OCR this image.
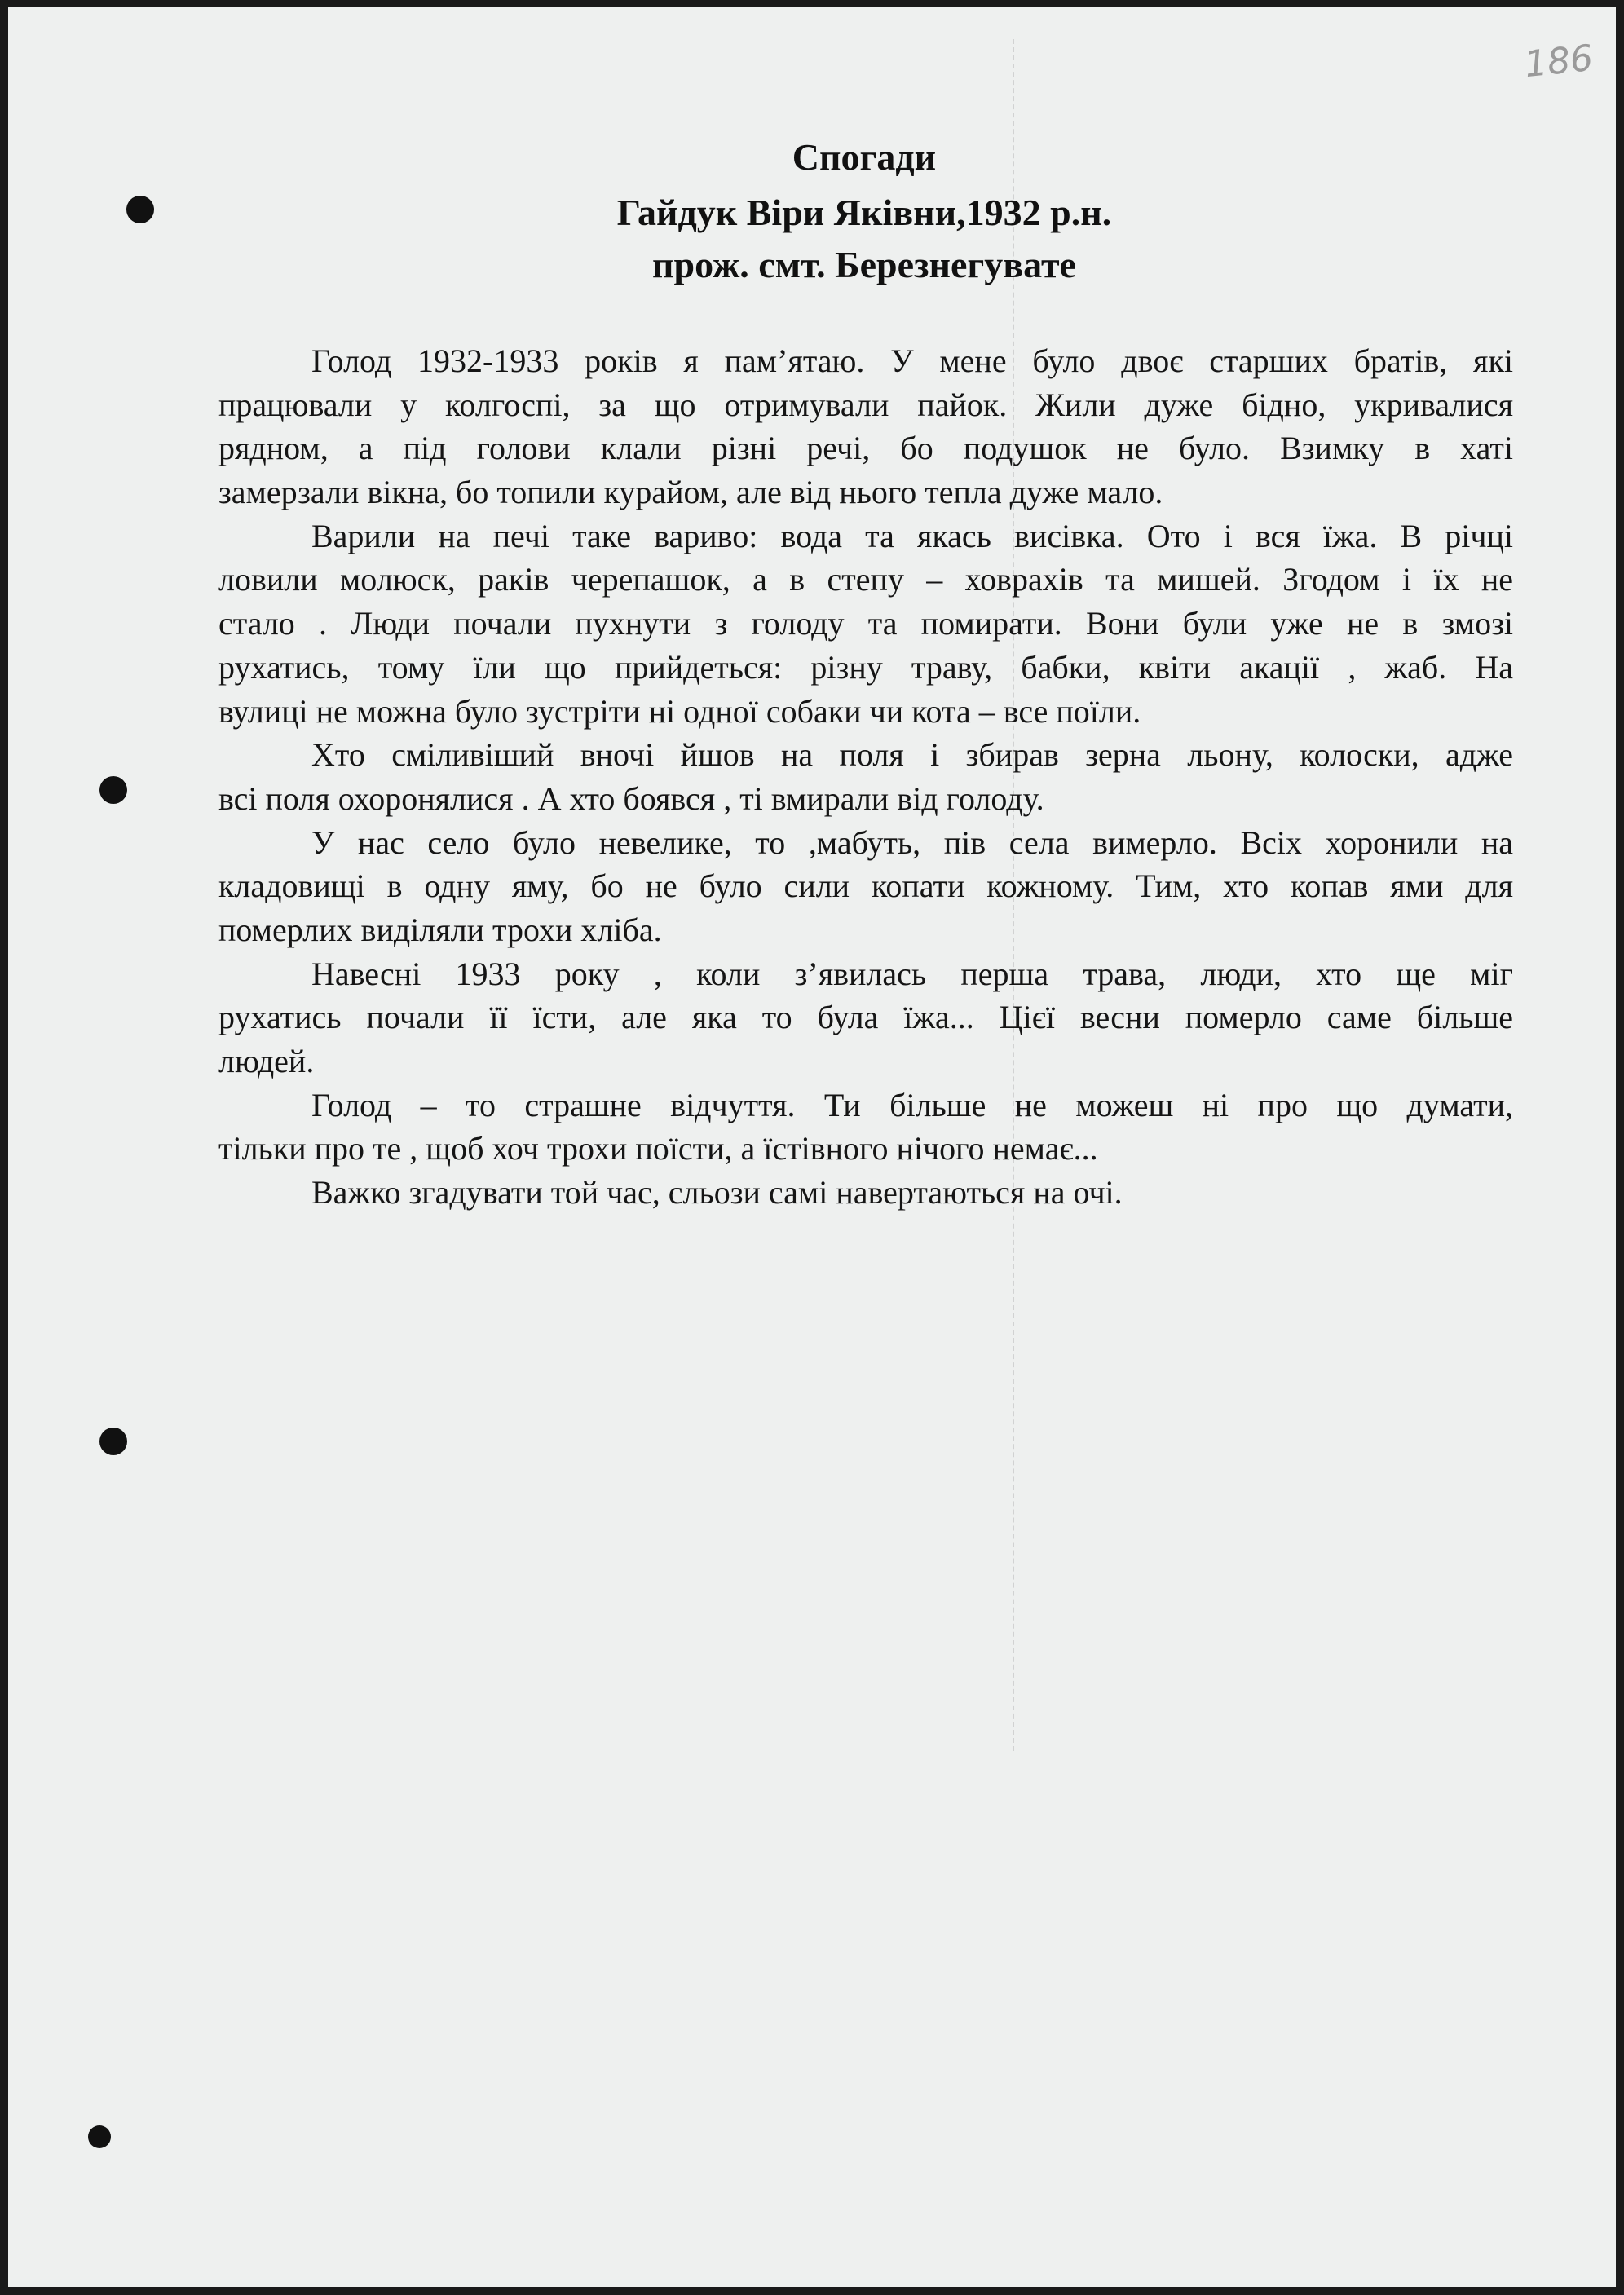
186
Спогади
Гайдук Віри Яківни,1932 р.н.
прож. смт. Березнегувате
Голод 1932-1933 років я пам’ятаю. У мене було двоє старших братів, які
працювали у колгоспі, за що отримували пайок. Жили дуже бідно, укривалися
рядном, а під голови клали різні речі, бо подушок не було. Взимку в хаті
замерзали вікна, бо топили курайом, але від нього тепла дуже мало.
Варили на печі таке вариво: вода та якась висівка. Ото і вся їжа. В річці
ловили молюск, раків черепашок, а в степу – ховрахів та мишей. Згодом і їх не
стало . Люди почали пухнути з голоду та помирати. Вони були уже не в змозі
рухатись, тому їли що прийдеться: різну траву, бабки, квіти акації , жаб. На
вулиці не можна було зустріти ні одної собаки чи кота – все поїли.
Хто сміливіший вночі йшов на поля і збирав зерна льону, колоски, адже
всі поля охоронялися . А хто боявся , ті вмирали від голоду.
У нас село було невелике, то ,мабуть, пів села вимерло. Всіх хоронили на
кладовищі в одну яму, бо не було сили копати кожному. Тим, хто копав ями для
померлих виділяли трохи хліба.
Навесні 1933 року , коли з’явилась перша трава, люди, хто ще міг
рухатись почали її їсти, але яка то була їжа... Цієї весни померло саме більше
людей.
Голод – то страшне відчуття. Ти більше не можеш ні про що думати,
тільки про те , щоб хоч трохи поїсти, а їстівного нічого немає...
Важко згадувати той час, сльози самі навертаються на очі.
